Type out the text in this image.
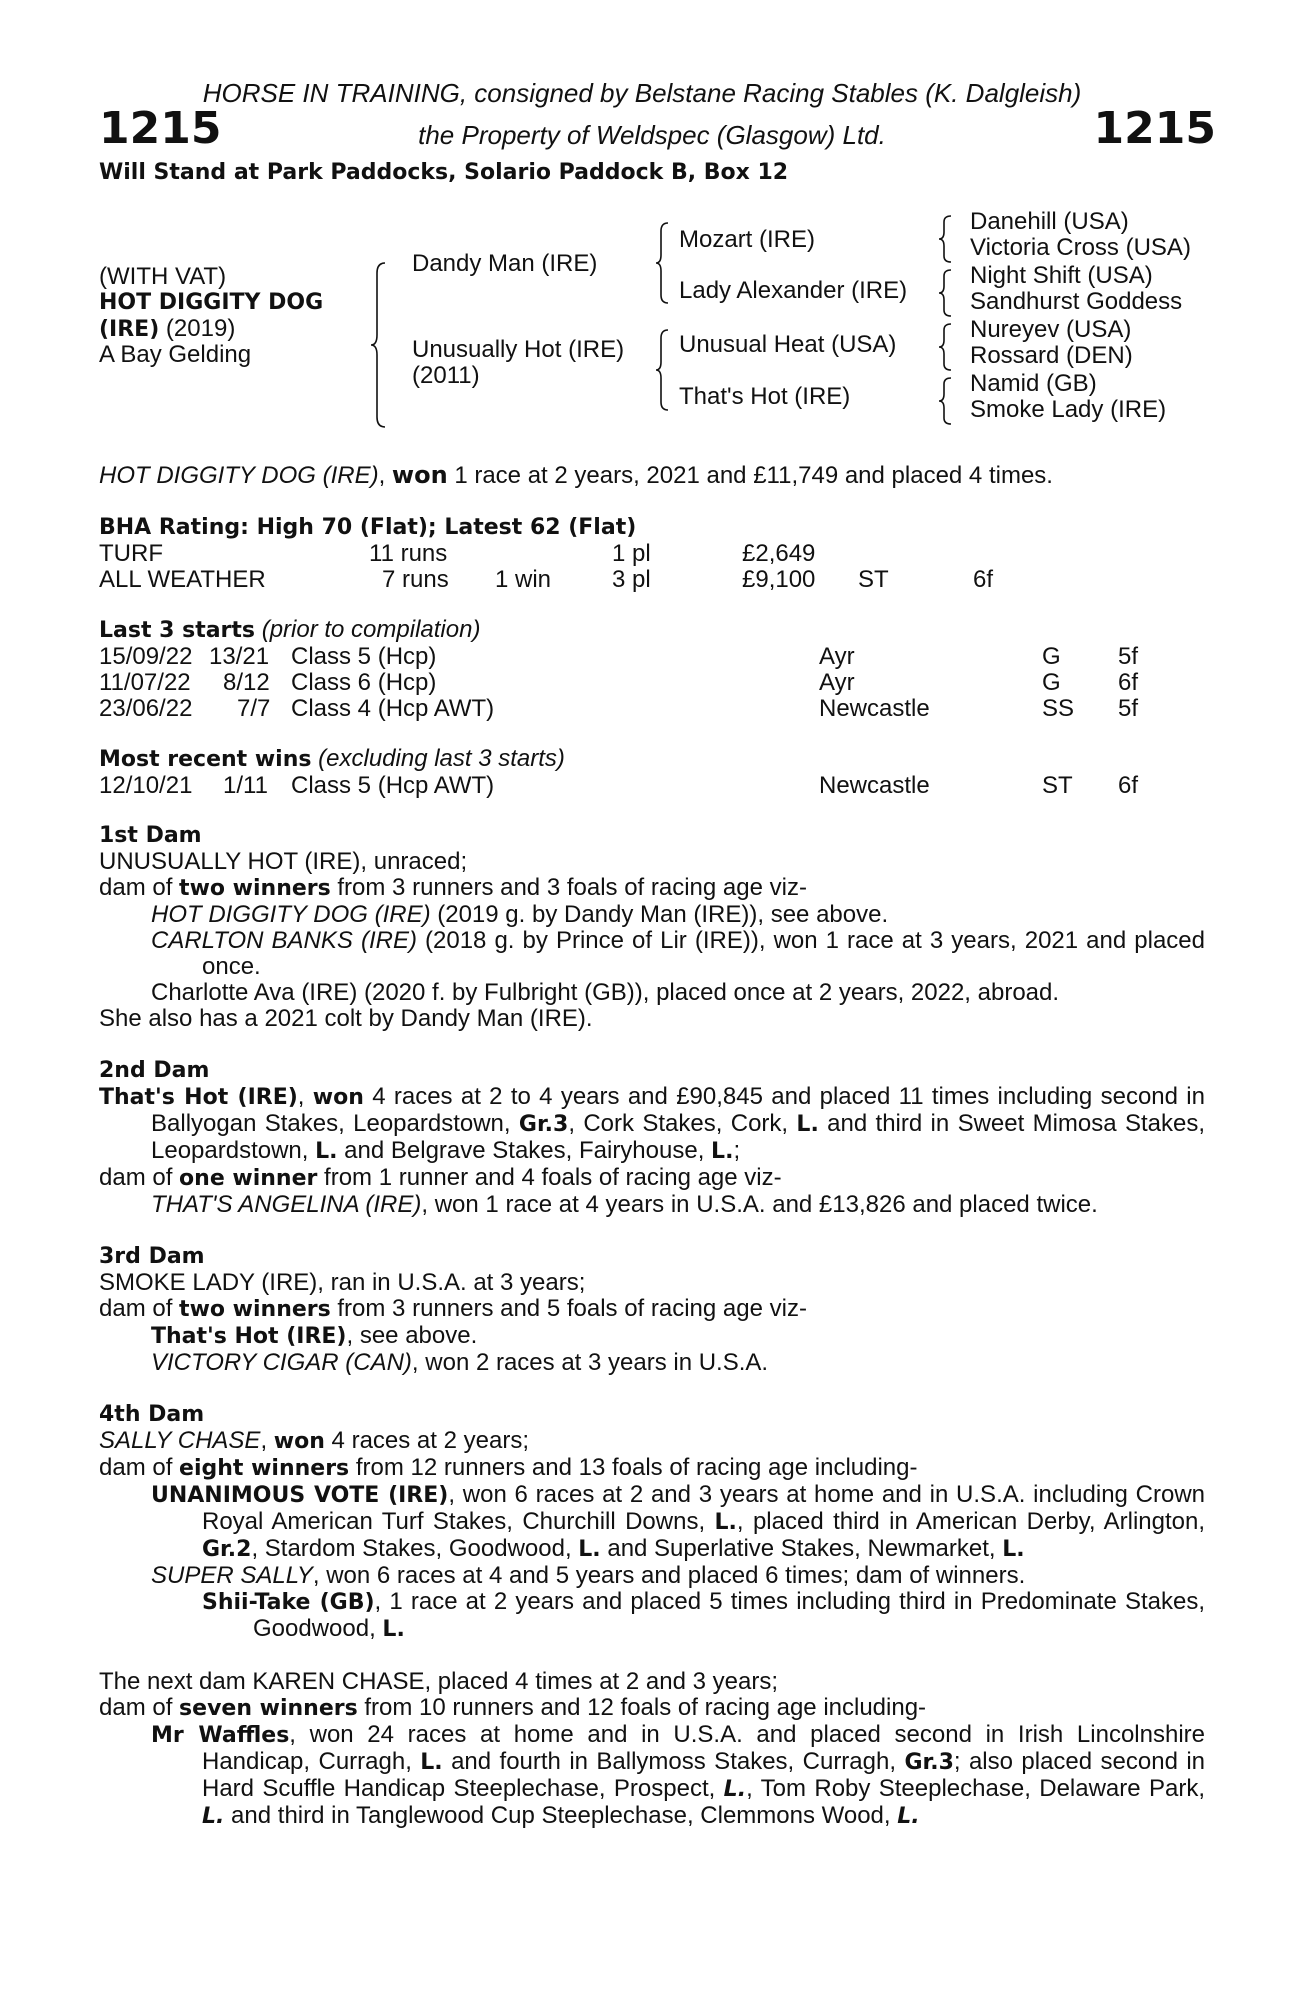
HORSE IN TRAINING, consigned by Belstane Racing Stables (K. Dalgleish)
1215	1215
the Property of Weldspec (Glasgow) Ltd.
Will Stand at Park Paddocks, Solario Paddock B, Box 12
(WITH VAT)
HOT DIGGITY DOG
(IRE) (2019)
A Bay Gelding
Dandy Man (IRE)
Unusually Hot (IRE)
(2011)
Mozart (IRE)
Lady Alexander (IRE)
Unusual Heat (USA)
That's Hot (IRE)
Danehill (USA)
Victoria Cross (USA)
Night Shift (USA)
Sandhurst Goddess
Nureyev (USA)
Rossard (DEN)
Namid (GB)
Smoke Lady (IRE)

HOT DIGGITY DOG (IRE), won 1 race at 2 years, 2021 and £11,749 and placed 4 times.

BHA Rating: High 70 (Flat); Latest 62 (Flat)

TURF	11 runs	1 pl	£2,649
ALL WEATHER	7 runs 1 win	3 pl	£9,100 ST	6f

Last 3 starts (prior to compilation)

15/09/22 13/21 Class 5 (Hcp)	Ayr	G 5f
11/07/22 8/12 Class 6 (Hcp)	Ayr	G 6f
23/06/22 7/7 Class 4 (Hcp AWT)	Newcastle	SS 5f

Most recent wins (excluding last 3 starts)

12/10/21 1/11 Class 5 (Hcp AWT)	Newcastle	ST 6f

1st Dam

UNUSUALLY HOT (IRE), unraced;

dam of two winners from 3 runners and 3 foals of racing age viz-

HOT DIGGITY DOG (IRE) (2019 g. by Dandy Man (IRE)), see above.

CARLTON BANKS (IRE) (2018 g. by Prince of Lir (IRE)), won 1 race at 3 years, 2021 and placed once.

Charlotte Ava (IRE) (2020 f. by Fulbright (GB)), placed once at 2 years, 2022, abroad.

She also has a 2021 colt by Dandy Man (IRE).

2nd Dam

That's Hot (IRE), won 4 races at 2 to 4 years and £90,845 and placed 11 times including second in Ballyogan Stakes, Leopardstown, Gr.3, Cork Stakes, Cork, L. and third in Sweet Mimosa Stakes, Leopardstown, L. and Belgrave Stakes, Fairyhouse, L.;

dam of one winner from 1 runner and 4 foals of racing age viz-

THAT'S ANGELINA (IRE), won 1 race at 4 years in U.S.A. and £13,826 and placed twice.

3rd Dam

SMOKE LADY (IRE), ran in U.S.A. at 3 years;

dam of two winners from 3 runners and 5 foals of racing age viz-

That's Hot (IRE), see above.

VICTORY CIGAR (CAN), won 2 races at 3 years in U.S.A.

4th Dam

SALLY CHASE, won 4 races at 2 years;

dam of eight winners from 12 runners and 13 foals of racing age including-

UNANIMOUS VOTE (IRE), won 6 races at 2 and 3 years at home and in U.S.A. including Crown Royal American Turf Stakes, Churchill Downs, L., placed third in American Derby, Arlington, Gr.2, Stardom Stakes, Goodwood, L. and Superlative Stakes, Newmarket, L.

SUPER SALLY, won 6 races at 4 and 5 years and placed 6 times; dam of winners.

Shii-Take (GB), 1 race at 2 years and placed 5 times including third in Predominate Stakes, Goodwood, L.

The next dam KAREN CHASE, placed 4 times at 2 and 3 years;

dam of seven winners from 10 runners and 12 foals of racing age including-

Mr Waffles, won 24 races at home and in U.S.A. and placed second in Irish Lincolnshire Handicap, Curragh, L. and fourth in Ballymoss Stakes, Curragh, Gr.3; also placed second in Hard Scuffle Handicap Steeplechase, Prospect, L., Tom Roby Steeplechase, Delaware Park, L. and third in Tanglewood Cup Steeplechase, Clemmons Wood, L.
